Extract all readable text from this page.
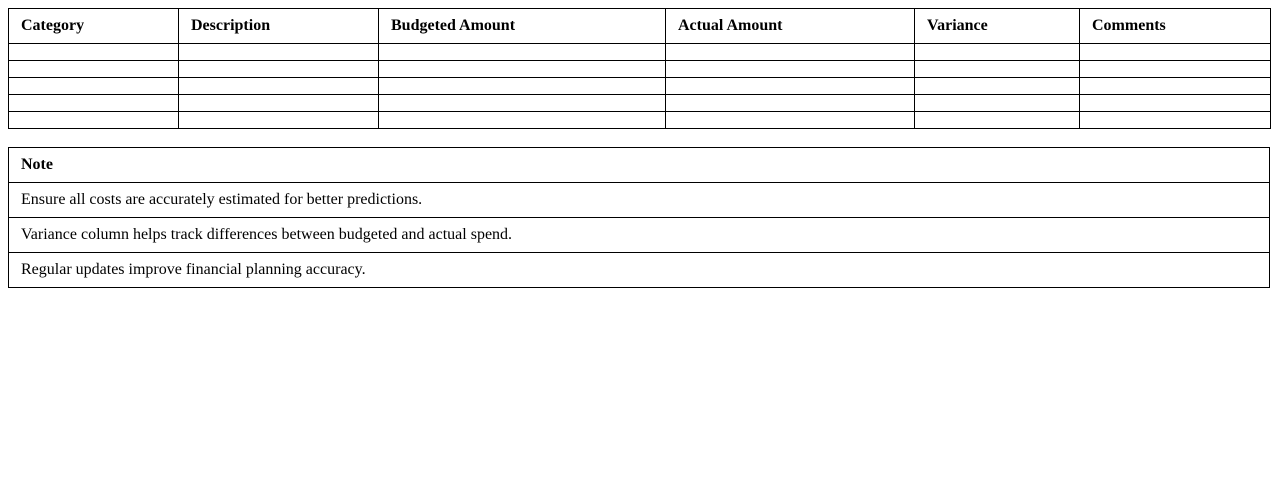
Category	Description	Budgeted Amount	Actual Amount	Variance	Comments

Note
Ensure all costs are accurately estimated for better predictions.
Variance column helps track differences between budgeted and actual spend.
Regular updates improve financial planning accuracy.
